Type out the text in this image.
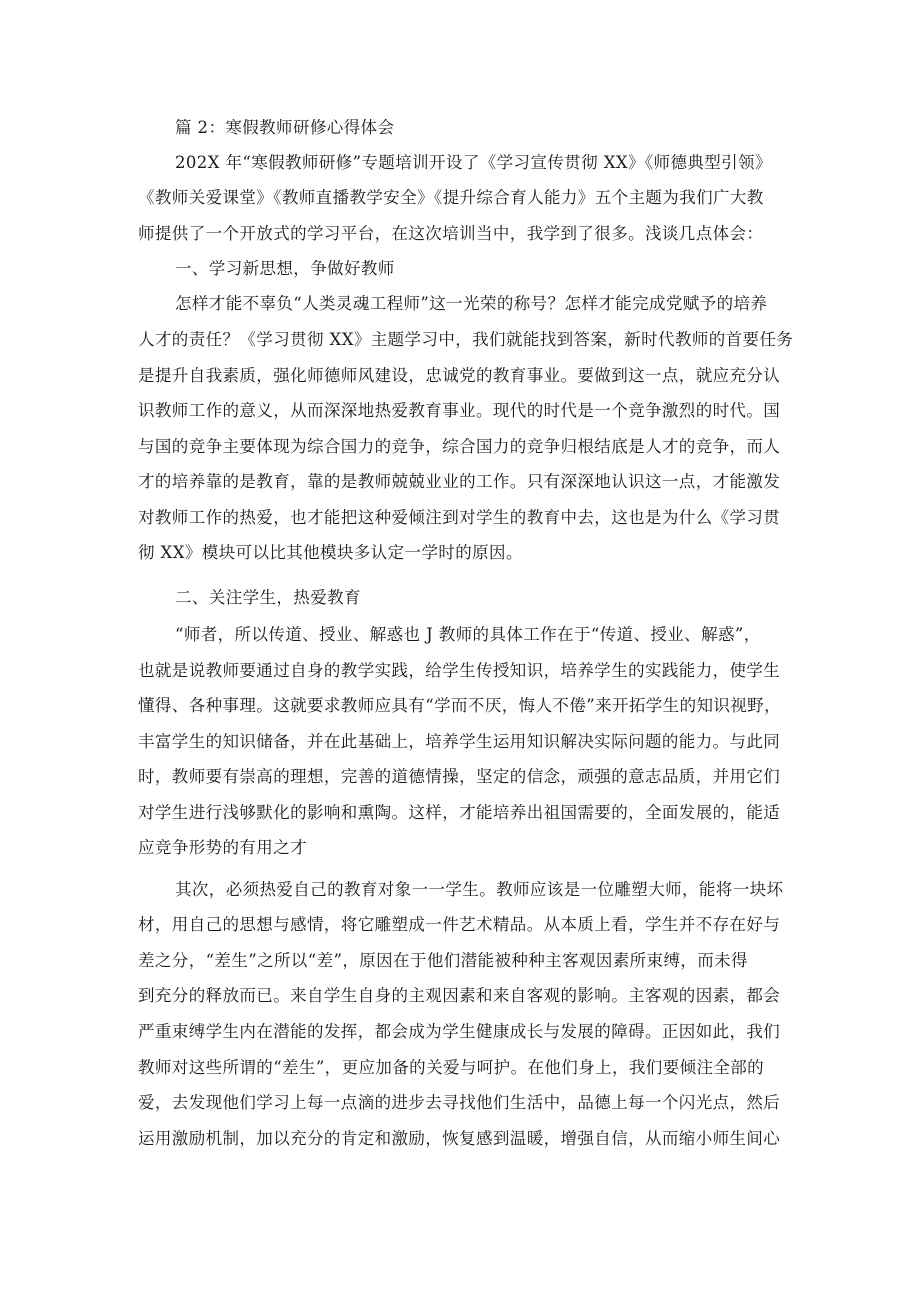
篇 2：寒假教师研修心得体会
202X 年“寒假教师研修”专题培训开设了《学习宣传贯彻 XX》《师德典型引领》
《教师关爱课堂》《教师直播教学安全》《提升综合育人能力》五个主题为我们广大教
师提供了一个开放式的学习平台，在这次培训当中，我学到了很多。浅谈几点体会：
一、学习新思想，争做好教师
怎样才能不辜负“人类灵魂工程师”这一光荣的称号？怎样才能完成党赋予的培养
人才的责任？《学习贯彻 XX》主题学习中，我们就能找到答案，新时代教师的首要任务
是提升自我素质，强化师德师风建设，忠诚党的教育事业。要做到这一点，就应充分认
识教师工作的意义，从而深深地热爱教育事业。现代的时代是一个竞争激烈的时代。国
与国的竞争主要体现为综合国力的竞争，综合国力的竞争归根结底是人才的竞争，而人
才的培养靠的是教育，靠的是教师兢兢业业的工作。只有深深地认识这一点，才能激发
对教师工作的热爱，也才能把这种爱倾注到对学生的教育中去，这也是为什么《学习贯
彻 XX》模块可以比其他模块多认定一学时的原因。
二、关注学生，热爱教育
“师者，所以传道、授业、解惑也 J 教师的具体工作在于“传道、授业、解惑”，
也就是说教师要通过自身的教学实践，给学生传授知识，培养学生的实践能力，使学生
懂得、各种事理。这就要求教师应具有“学而不厌，悔人不倦”来开拓学生的知识视野，
丰富学生的知识储备，并在此基础上，培养学生运用知识解决实际问题的能力。与此同
时，教师要有崇高的理想，完善的道德情操，坚定的信念，顽强的意志品质，并用它们
对学生进行浅够默化的影响和熏陶。这样，才能培养出祖国需要的，全面发展的，能适
应竞争形势的有用之才
其次，必须热爱自己的教育对象一一学生。教师应该是一位雕塑大师，能将一块坏
材，用自己的思想与感情，将它雕塑成一件艺术精品。从本质上看，学生并不存在好与
差之分，“差生”之所以“差”，原因在于他们潜能被种种主客观因素所束缚，而未得
到充分的释放而已。来自学生自身的主观因素和来自客观的影响。主客观的因素，都会
严重束缚学生内在潜能的发挥，都会成为学生健康成长与发展的障碍。正因如此，我们
教师对这些所谓的“差生”，更应加备的关爱与呵护。在他们身上，我们要倾注全部的
爱，去发现他们学习上每一点滴的进步去寻找他们生活中，品德上每一个闪光点，然后
运用激励机制，加以充分的肯定和激励，恢复感到温暖，增强自信，从而缩小师生间心
